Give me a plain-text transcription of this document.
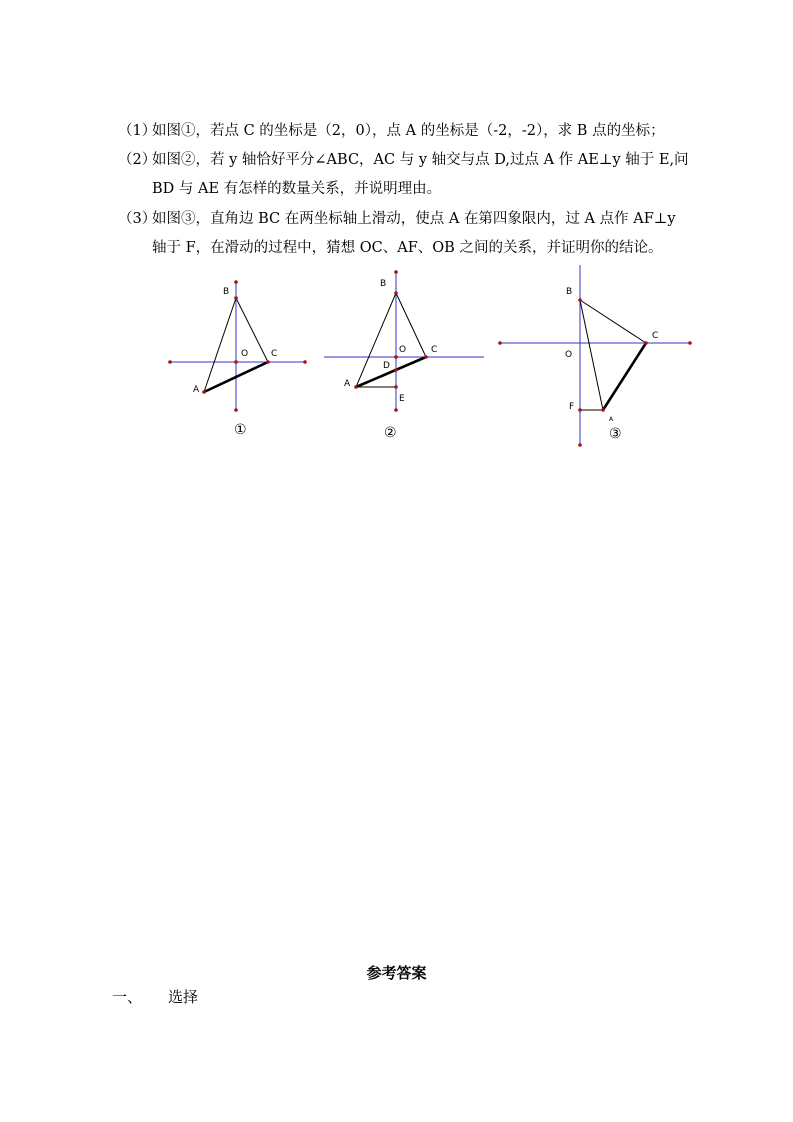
（1）如图①，若点 C 的坐标是（2，0），点 A 的坐标是（-2，-2），求 B 点的坐标；
（2）如图②，若 y 轴恰好平分∠ABC，AC 与 y 轴交与点 D,过点 A 作 AE⊥y 轴于 E,问
BD 与 AE 有怎样的数量关系，并说明理由。
（3）如图③，直角边 BC 在两坐标轴上滑动，使点 A 在第四象限内，过 A 点作 AF⊥y
轴于 F，在滑动的过程中，猜想 OC、AF、OB 之间的关系，并证明你的结论。
B
A
C
O
①
B
A
C
O
D
E
②
B
C
O
F
A
③
参考答案
一、 选择
